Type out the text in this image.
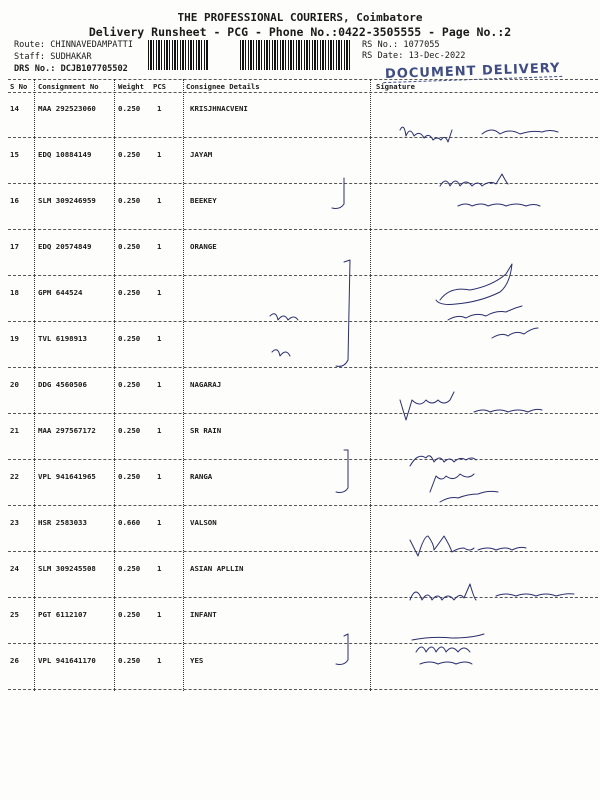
THE PROFESSIONAL COURIERS, Coimbatore
Delivery Runsheet - PCG - Phone No.:0422-3505555 - Page No.:2
Route: CHINNAVEDAMPATTI
Staff: SUDHAKAR
DRS No.: DCJB107705502
RS No.: 1077055
RS Date: 13-Dec-2022
DOCUMENT DELIVERY
S No Consignment No	Weight PCS	Consignee Details	Signature
14	MAA 292523060	0.250 1	KRISJHNACVENI
15	EDQ 10884149	0.250 1	JAYAM
16	SLM 309246959	0.250 1	BEEKEY
17	EDQ 20574849	0.250 1	ORANGE
18	GPM 644524	0.250 1
19	TVL 6198913	0.250 1
20	DDG 4560506	0.250 1	NAGARAJ
21	MAA 297567172	0.250 1	SR RAIN
22	VPL 941641965	0.250 1	RANGA
23	HSR 2583033	0.660 1	VALSON
24	SLM 309245508	0.250 1	ASIAN APLLIN
25	PGT 6112107	0.250 1	INFANT
26	VPL 941641170	0.250 1	YES
